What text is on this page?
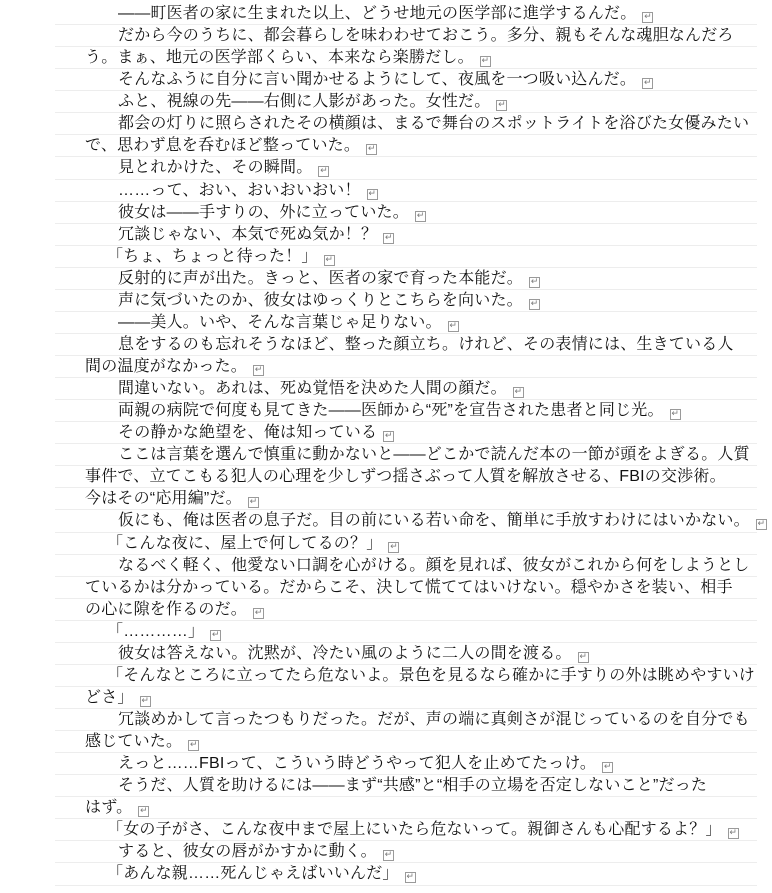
――町医者の家に生まれた以上、どうせ地元の医学部に進学するんだ。 ↵
だから今のうちに、都会暮らしを味わわせておこう。多分、親もそんな魂胆なんだろ
う。まぁ、地元の医学部くらい、本来なら楽勝だし。 ↵
そんなふうに自分に言い聞かせるようにして、夜風を一つ吸い込んだ。 ↵
ふと、視線の先――右側に人影があった。女性だ。 ↵
都会の灯りに照らされたその横顔は、まるで舞台のスポットライトを浴びた女優みたい
で、思わず息を呑むほど整っていた。 ↵
見とれかけた、その瞬間。 ↵
……って、おい、おいおいおい！ ↵
彼女は――手すりの、外に立っていた。 ↵
冗談じゃない、本気で死ぬ気か！？ ↵
「ちょ、ちょっと待った！」 ↵
反射的に声が出た。きっと、医者の家で育った本能だ。 ↵
声に気づいたのか、彼女はゆっくりとこちらを向いた。 ↵
――美人。いや、そんな言葉じゃ足りない。 ↵
息をするのも忘れそうなほど、整った顔立ち。けれど、その表情には、生きている人
間の温度がなかった。 ↵
間違いない。あれは、死ぬ覚悟を決めた人間の顔だ。 ↵
両親の病院で何度も見てきた――医師から“死”を宣告された患者と同じ光。 ↵
その静かな絶望を、俺は知っている ↵
ここは言葉を選んで慎重に動かないと――どこかで読んだ本の一節が頭をよぎる。人質
事件で、立てこもる犯人の心理を少しずつ揺さぶって人質を解放させる、FBIの交渉術。
今はその“応用編”だ。 ↵
仮にも、俺は医者の息子だ。目の前にいる若い命を、簡単に手放すわけにはいかない。 ↵
「こんな夜に、屋上で何してるの？」 ↵
なるべく軽く、他愛ない口調を心がける。顔を見れば、彼女がこれから何をしようとし
ているかは分かっている。だからこそ、決して慌ててはいけない。穏やかさを装い、相手
の心に隙を作るのだ。 ↵
「…………」 ↵
彼女は答えない。沈黙が、冷たい風のように二人の間を渡る。 ↵
「そんなところに立ってたら危ないよ。景色を見るなら確かに手すりの外は眺めやすいけ
どさ」 ↵
冗談めかして言ったつもりだった。だが、声の端に真剣さが混じっているのを自分でも
感じていた。 ↵
えっと……FBIって、こういう時どうやって犯人を止めてたっけ。 ↵
そうだ、人質を助けるには――まず“共感”と“相手の立場を否定しないこと”だった
はず。 ↵
「女の子がさ、こんな夜中まで屋上にいたら危ないって。親御さんも心配するよ？」 ↵
すると、彼女の唇がかすかに動く。 ↵
「あんな親……死んじゃえばいいんだ」 ↵
